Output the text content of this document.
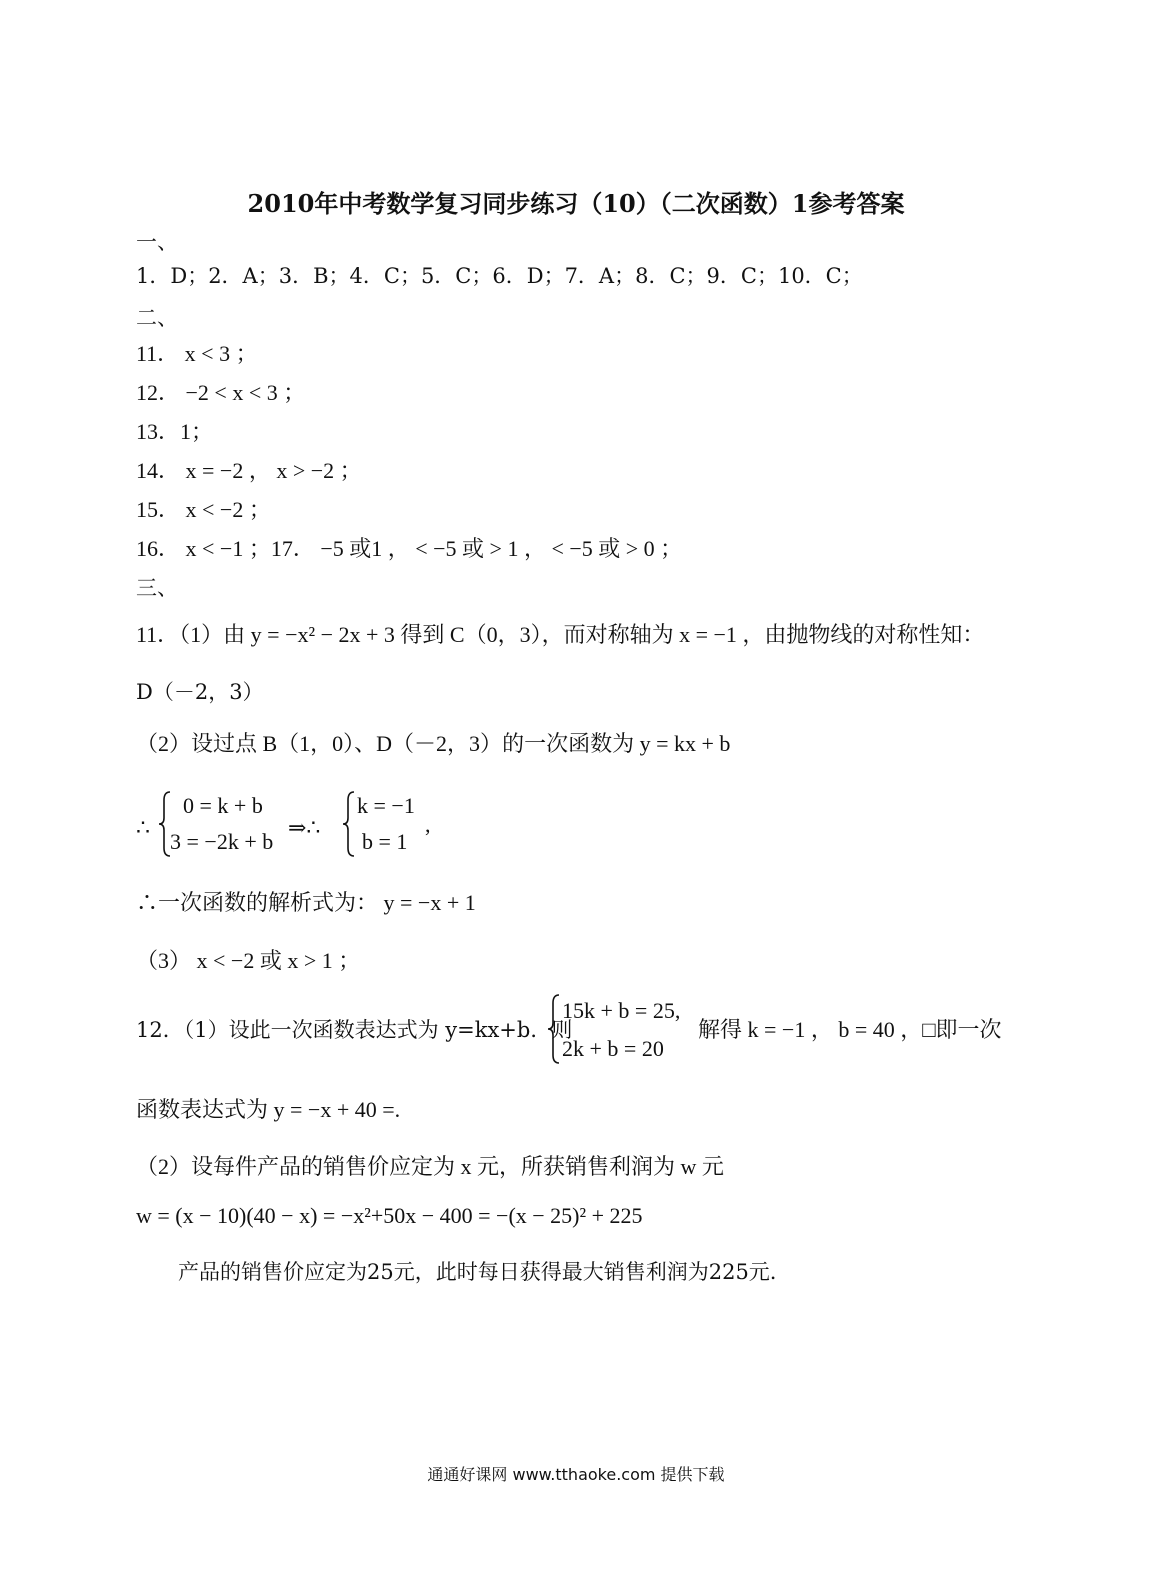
2010年中考数学复习同步练习（10）（二次函数）1参考答案
一、
1．D；2．A；3．B；4．C；5．C；6．D；7．A；8．C；9．C；10．C；
二、
11． x < 3 ；
12． −2 < x < 3 ；
13．1；
14． x = −2 ， x > −2 ；
15． x < −2 ；
16． x < −1 ；17． −5 或1 ， < −5 或 > 1 ， < −5 或 > 0 ；
三、
11．（1）由 y = −x² − 2x + 3 得到 C（0，3），而对称轴为 x = −1 ，由抛物线的对称性知：
D（－2，3）
（2）设过点 B（1，0）、D（－2，3）的一次函数为 y = kx + b
∴
0 = k + b
3 = −2k + b
⇒∴
k = −1
b = 1
,
∴一次函数的解析式为： y = −x + 1
（3） x < −2 或 x > 1 ；
12．（1）设此一次函数表达式为 y=kx+b．则
15k + b = 25,
2k + b = 20
解得 k = −1 ， b = 40 ，□即一次
函数表达式为 y = −x + 40 =.
（2）设每件产品的销售价应定为 x 元，所获销售利润为 w 元
w = (x − 10)(40 − x) = −x²+50x − 400 = −(x − 25)² + 225
产品的销售价应定为25元，此时每日获得最大销售利润为225元.
通通好课网 www.tthaoke.com 提供下载
